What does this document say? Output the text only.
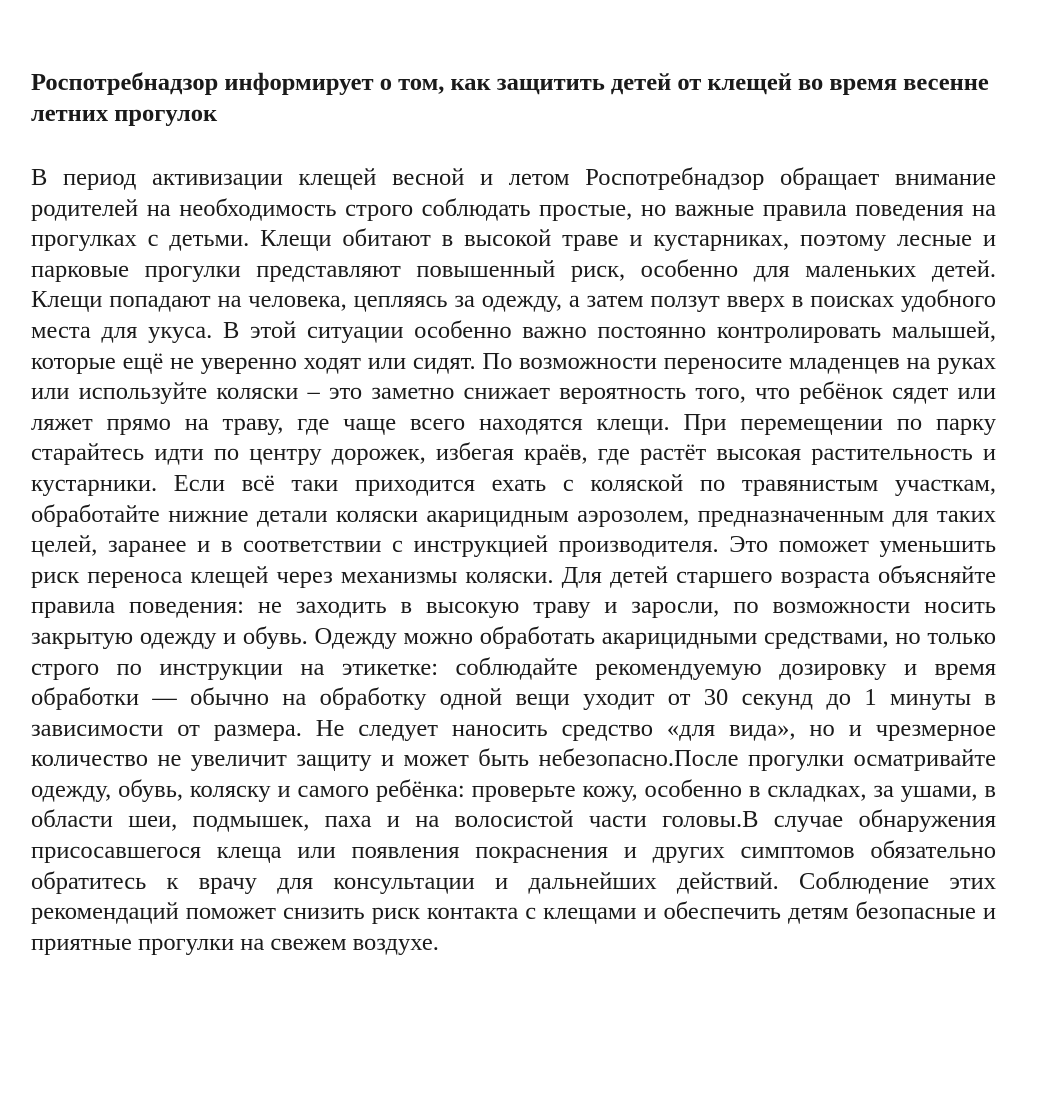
Роспотребнадзор информирует о том, как защитить детей от клещей во время весенне летних прогулок

В период активизации клещей весной и летом Роспотребнадзор обращает внимание родителей на необходимость строго соблюдать простые, но важные правила поведения на прогулках с детьми. Клещи обитают в высокой траве и кустарниках, поэтому лесные и парковые прогулки представляют повышенный риск, особенно для маленьких детей. Клещи попадают на человека, цепляясь за одежду, а затем ползут вверх в поисках удобного места для укуса. В этой ситуации особенно важно постоянно контролировать малышей, которые ещё не уверенно ходят или сидят. По возможности переносите младенцев на руках или используйте коляски – это заметно снижает вероятность того, что ребёнок сядет или ляжет прямо на траву, где чаще всего находятся клещи. При перемещении по парку старайтесь идти по центру дорожек, избегая краёв, где растёт высокая растительность и кустарники. Если всё таки приходится ехать с коляской по травянистым участкам, обработайте нижние детали коляски акарицидным аэрозолем, предназначенным для таких целей, заранее и в соответствии с инструкцией производителя. Это поможет уменьшить риск переноса клещей через механизмы коляски. Для детей старшего возраста объясняйте правила поведения: не заходить в высокую траву и заросли, по возможности носить закрытую одежду и обувь. Одежду можно обработать акарицидными средствами, но только строго по инструкции на этикетке: соблюдайте рекомендуемую дозировку и время обработки — обычно на обработку одной вещи уходит от 30 секунд до 1 минуты в зависимости от размера. Не следует наносить средство «для вида», но и чрезмерное количество не увеличит защиту и может быть небезопасно.После прогулки осматривайте одежду, обувь, коляску и самого ребёнка: проверьте кожу, особенно в складках, за ушами, в области шеи, подмышек, паха и на волосистой части головы.В случае обнаружения присосавшегося клеща или появления покраснения и других симптомов обязательно обратитесь к врачу для консультации и дальнейших действий. Соблюдение этих рекомендаций поможет снизить риск контакта с клещами и обеспечить детям безопасные и приятные прогулки на свежем воздухе.
